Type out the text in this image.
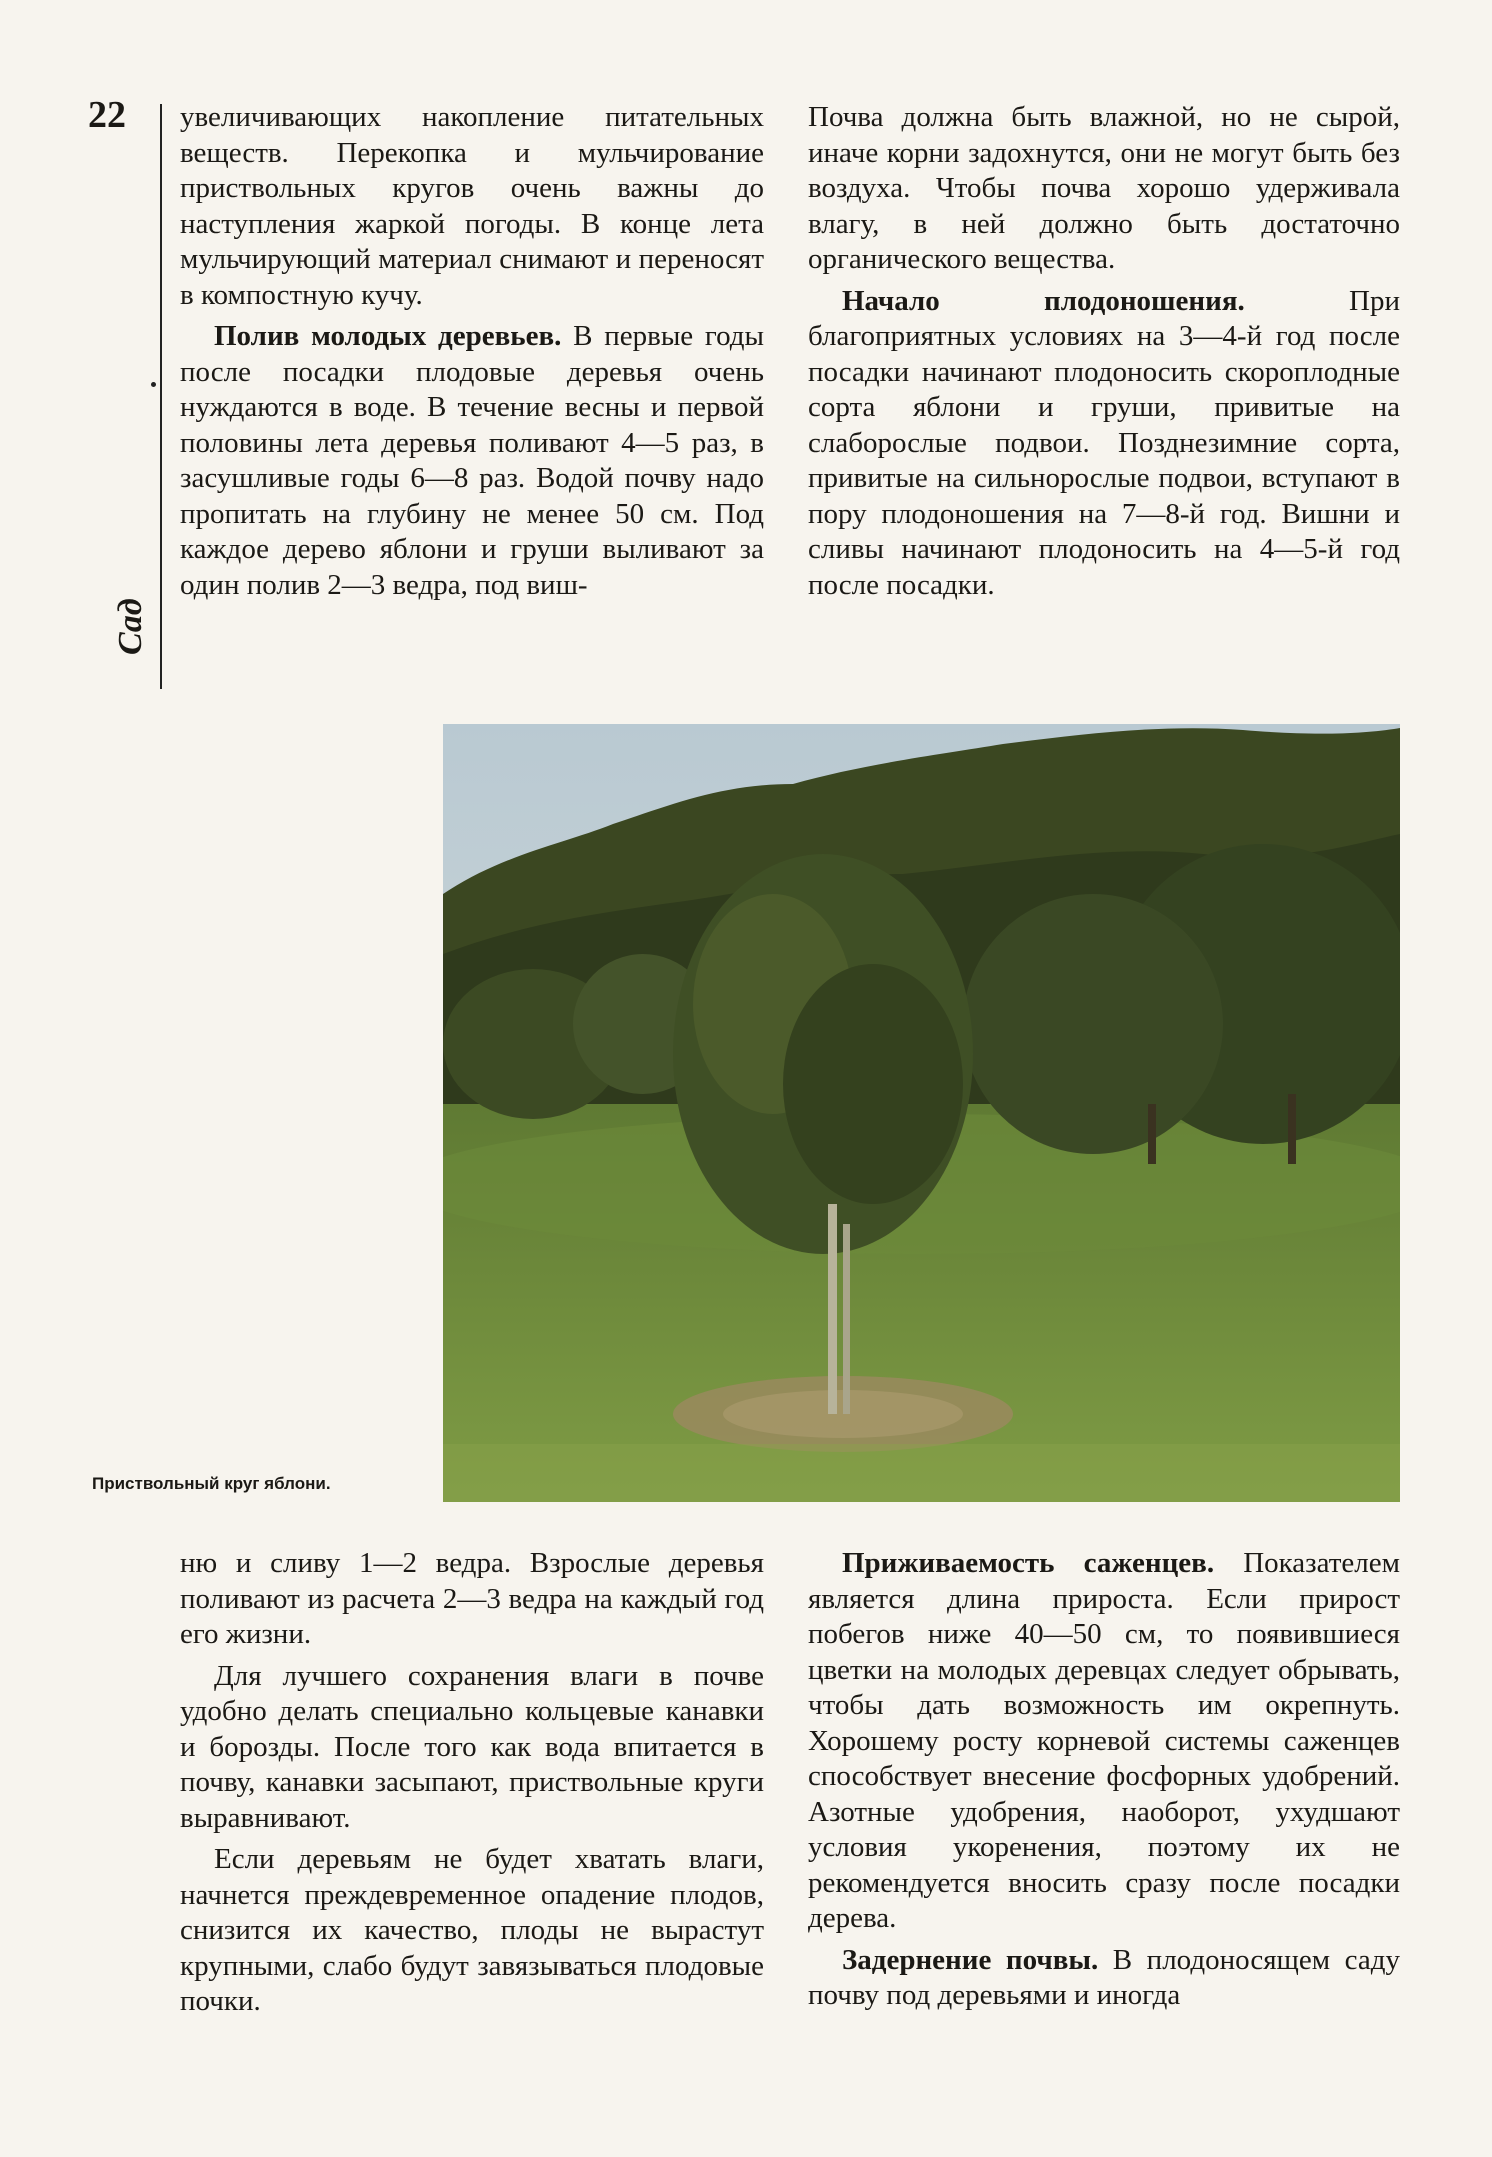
22
Сад

увеличивающих накопление питательных веществ. Перекопка и мульчирование приствольных кругов очень важны до наступления жаркой погоды. В конце лета мульчирующий материал снимают и переносят в компостную кучу.

Полив молодых деревьев. В первые годы после посадки плодовые деревья очень нуждаются в воде. В течение весны и первой половины лета деревья поливают 4—5 раз, в засушливые годы 6—8 раз. Водой почву надо пропитать на глубину не менее 50 см. Под каждое дерево яблони и груши выливают за один полив 2—3 ведра, под виш-

Почва должна быть влажной, но не сырой, иначе корни задохнутся, они не могут быть без воздуха. Чтобы почва хорошо удерживала влагу, в ней должно быть достаточно органического вещества.

Начало плодоношения. При благоприятных условиях на 3—4-й год после посадки начинают плодоносить скороплодные сорта яблони и груши, привитые на слаборослые подвои. Позднезимние сорта, привитые на сильнорослые подвои, вступают в пору плодоношения на 7—8-й год. Вишни и сливы начинают плодоносить на 4—5-й год после посадки.

Приствольный круг яблони.

ню и сливу 1—2 ведра. Взрослые деревья поливают из расчета 2—3 ведра на каждый год его жизни.

Для лучшего сохранения влаги в почве удобно делать специально кольцевые канавки и борозды. После того как вода впитается в почву, канавки засыпают, приствольные круги выравнивают.

Если деревьям не будет хватать влаги, начнется преждевременное опадение плодов, снизится их качество, плоды не вырастут крупными, слабо будут завязываться плодовые почки.

Приживаемость саженцев. Показателем является длина прироста. Если прирост побегов ниже 40—50 см, то появившиеся цветки на молодых деревцах следует обрывать, чтобы дать возможность им окрепнуть. Хорошему росту корневой системы саженцев способствует внесение фосфорных удобрений. Азотные удобрения, наоборот, ухудшают условия укоренения, поэтому их не рекомендуется вносить сразу после посадки дерева.

Задернение почвы. В плодоносящем саду почву под деревьями и иногда
